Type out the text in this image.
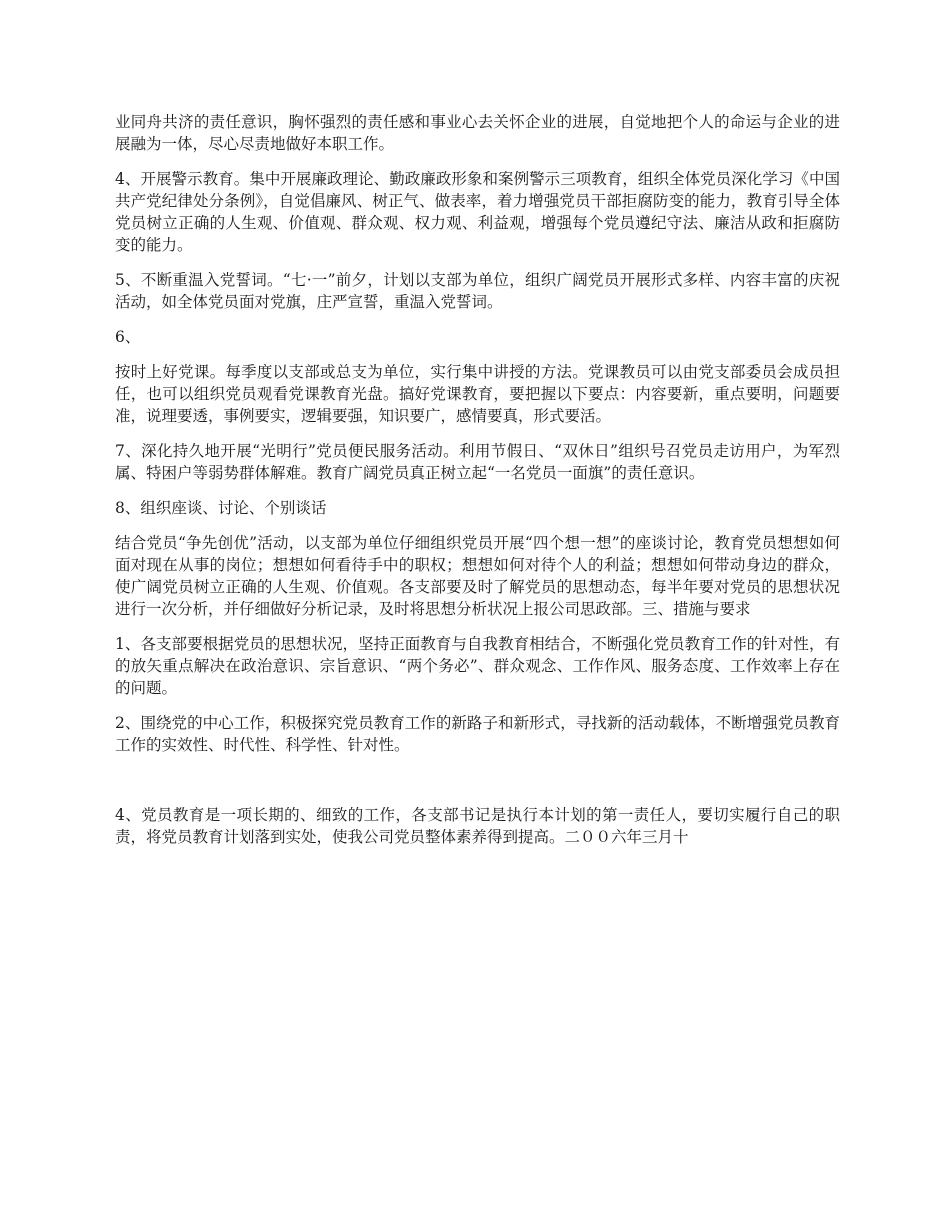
业同舟共济的责任意识，胸怀强烈的责任感和事业心去关怀企业的进展，自觉地把个人的命运与企业的进展融为一体，尽心尽责地做好本职工作。

4、开展警示教育。集中开展廉政理论、勤政廉政形象和案例警示三项教育，组织全体党员深化学习《中国共产党纪律处分条例》，自觉倡廉风、树正气、做表率，着力增强党员干部拒腐防变的能力，教育引导全体党员树立正确的人生观、价值观、群众观、权力观、利益观，增强每个党员遵纪守法、廉洁从政和拒腐防变的能力。

5、不断重温入党誓词。“七·一”前夕，计划以支部为单位，组织广阔党员开展形式多样、内容丰富的庆祝活动，如全体党员面对党旗，庄严宣誓，重温入党誓词。

6、

按时上好党课。每季度以支部或总支为单位，实行集中讲授的方法。党课教员可以由党支部委员会成员担任，也可以组织党员观看党课教育光盘。搞好党课教育，要把握以下要点：内容要新，重点要明，问题要准，说理要透，事例要实，逻辑要强，知识要广，感情要真，形式要活。

7、深化持久地开展“光明行”党员便民服务活动。利用节假日、“双休日”组织号召党员走访用户，为军烈属、特困户等弱势群体解难。教育广阔党员真正树立起“一名党员一面旗”的责任意识。

8、组织座谈、讨论、个别谈话

结合党员“争先创优”活动，以支部为单位仔细组织党员开展“四个想一想”的座谈讨论，教育党员想想如何面对现在从事的岗位；想想如何看待手中的职权；想想如何对待个人的利益；想想如何带动身边的群众，使广阔党员树立正确的人生观、价值观。各支部要及时了解党员的思想动态，每半年要对党员的思想状况进行一次分析，并仔细做好分析记录，及时将思想分析状况上报公司思政部。三、措施与要求

1、各支部要根据党员的思想状况，坚持正面教育与自我教育相结合，不断强化党员教育工作的针对性，有的放矢重点解决在政治意识、宗旨意识、“两个务必”、群众观念、工作作风、服务态度、工作效率上存在的问题。

2、围绕党的中心工作，积极探究党员教育工作的新路子和新形式，寻找新的活动载体，不断增强党员教育工作的实效性、时代性、科学性、针对性。

4、党员教育是一项长期的、细致的工作，各支部书记是执行本计划的第一责任人，要切实履行自己的职责，将党员教育计划落到实处，使我公司党员整体素养得到提高。二００六年三月十
